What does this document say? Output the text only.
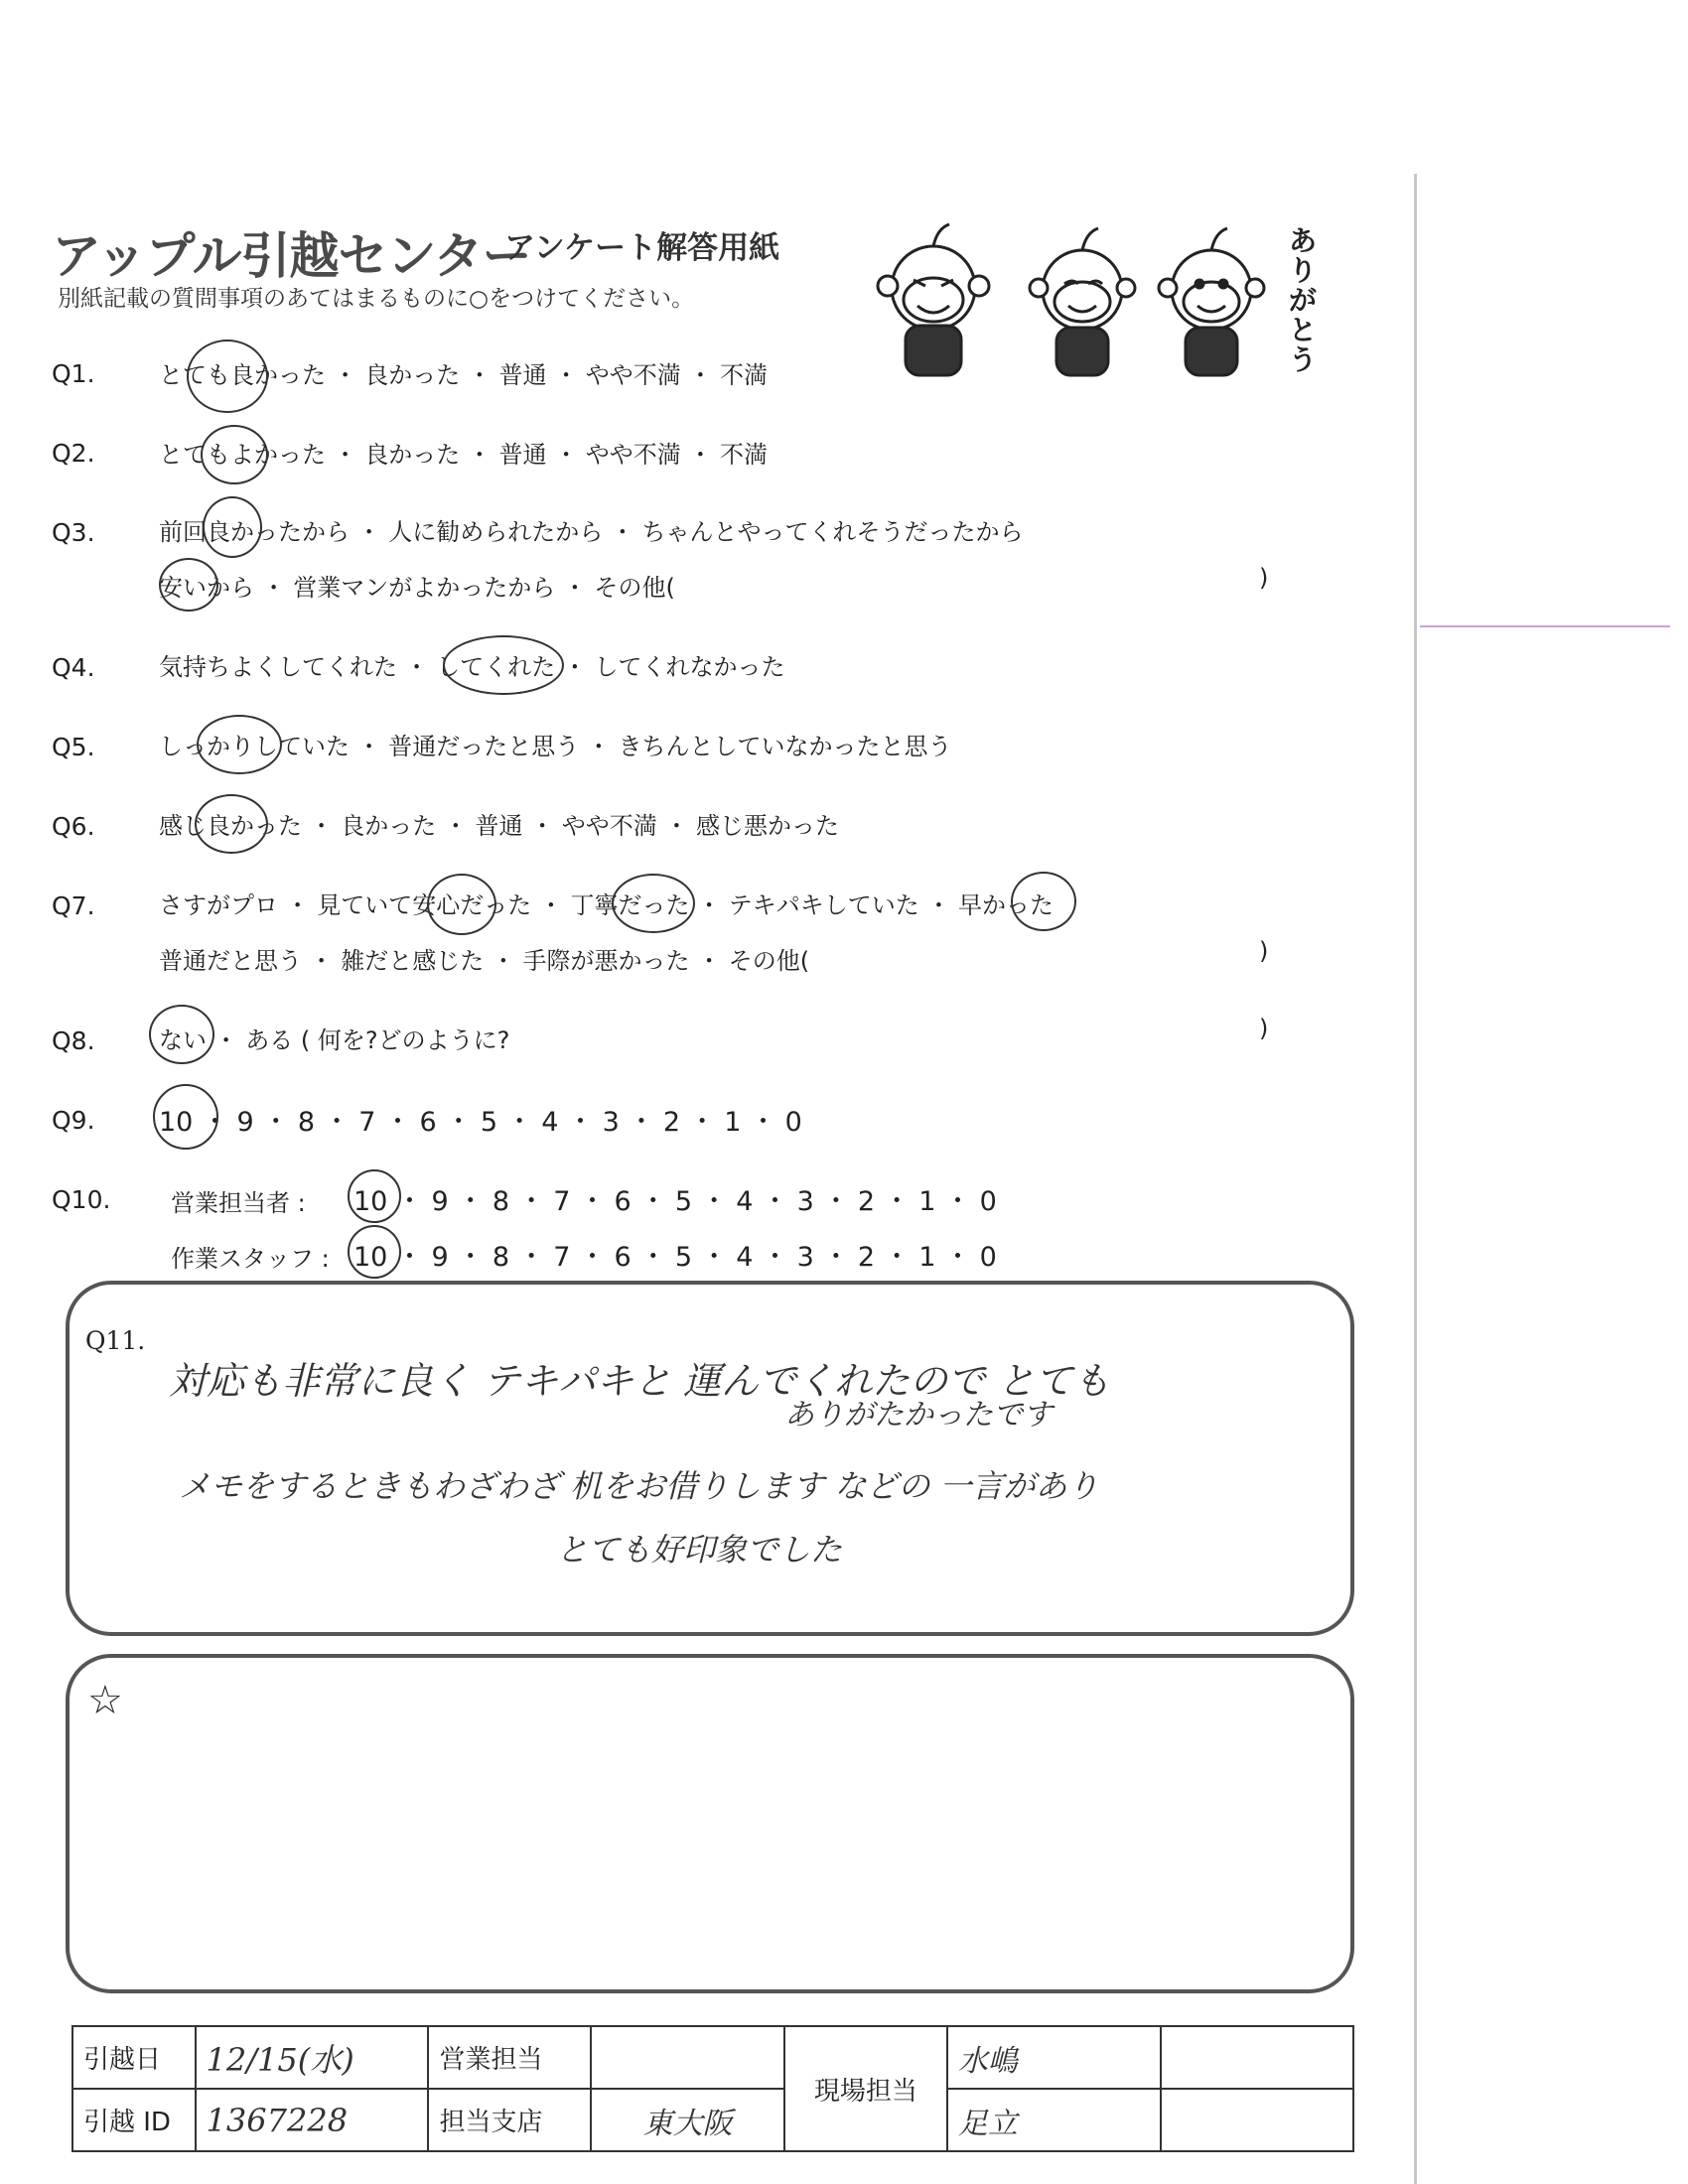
アップル引越センター
アンケート解答用紙
別紙記載の質問事項のあてはまるものに○をつけてください。
ありがとう
Q1.	とても良かった ・ 良かった ・ 普通 ・ やや不満 ・ 不満
Q2.	とてもよかった ・ 良かった ・ 普通 ・ やや不満 ・ 不満
Q3.	前回良かったから ・ 人に勧められたから ・ ちゃんとやってくれそうだったから
安いから ・ 営業マンがよかったから ・ その他(	)
Q4.	気持ちよくしてくれた ・ してくれた ・ してくれなかった
Q5.	しっかりしていた ・ 普通だったと思う ・ きちんとしていなかったと思う
Q6.	感じ良かった ・ 良かった ・ 普通 ・ やや不満 ・ 感じ悪かった
Q7.	さすがプロ ・ 見ていて安心だった ・ 丁寧だった ・ テキパキしていた ・ 早かった
普通だと思う ・ 雑だと感じた ・ 手際が悪かった ・ その他(	)
Q8.	ない ・ ある ( 何を?どのように?	)
Q9. 10 ・ 9 ・ 8 ・ 7 ・ 6 ・ 5 ・ 4 ・ 3 ・ 2 ・ 1 ・ 0
Q10.	営業担当者 : 10 ・ 9 ・ 8 ・ 7 ・ 6 ・ 5 ・ 4 ・ 3 ・ 2 ・ 1 ・ 0
作業スタッフ : 10 ・ 9 ・ 8 ・ 7 ・ 6 ・ 5 ・ 4 ・ 3 ・ 2 ・ 1 ・ 0
Q11.
対応も非常に良く テキパキと 運んでくれたので とても
ありがたかったです
メモをするときもわざわざ 机をお借りします などの 一言があり
とても好印象でした
☆
引越日	12/15(水)	営業担当		現場担当	水嶋	
引越 ID	1367228	担当支店	東大阪		足立	
